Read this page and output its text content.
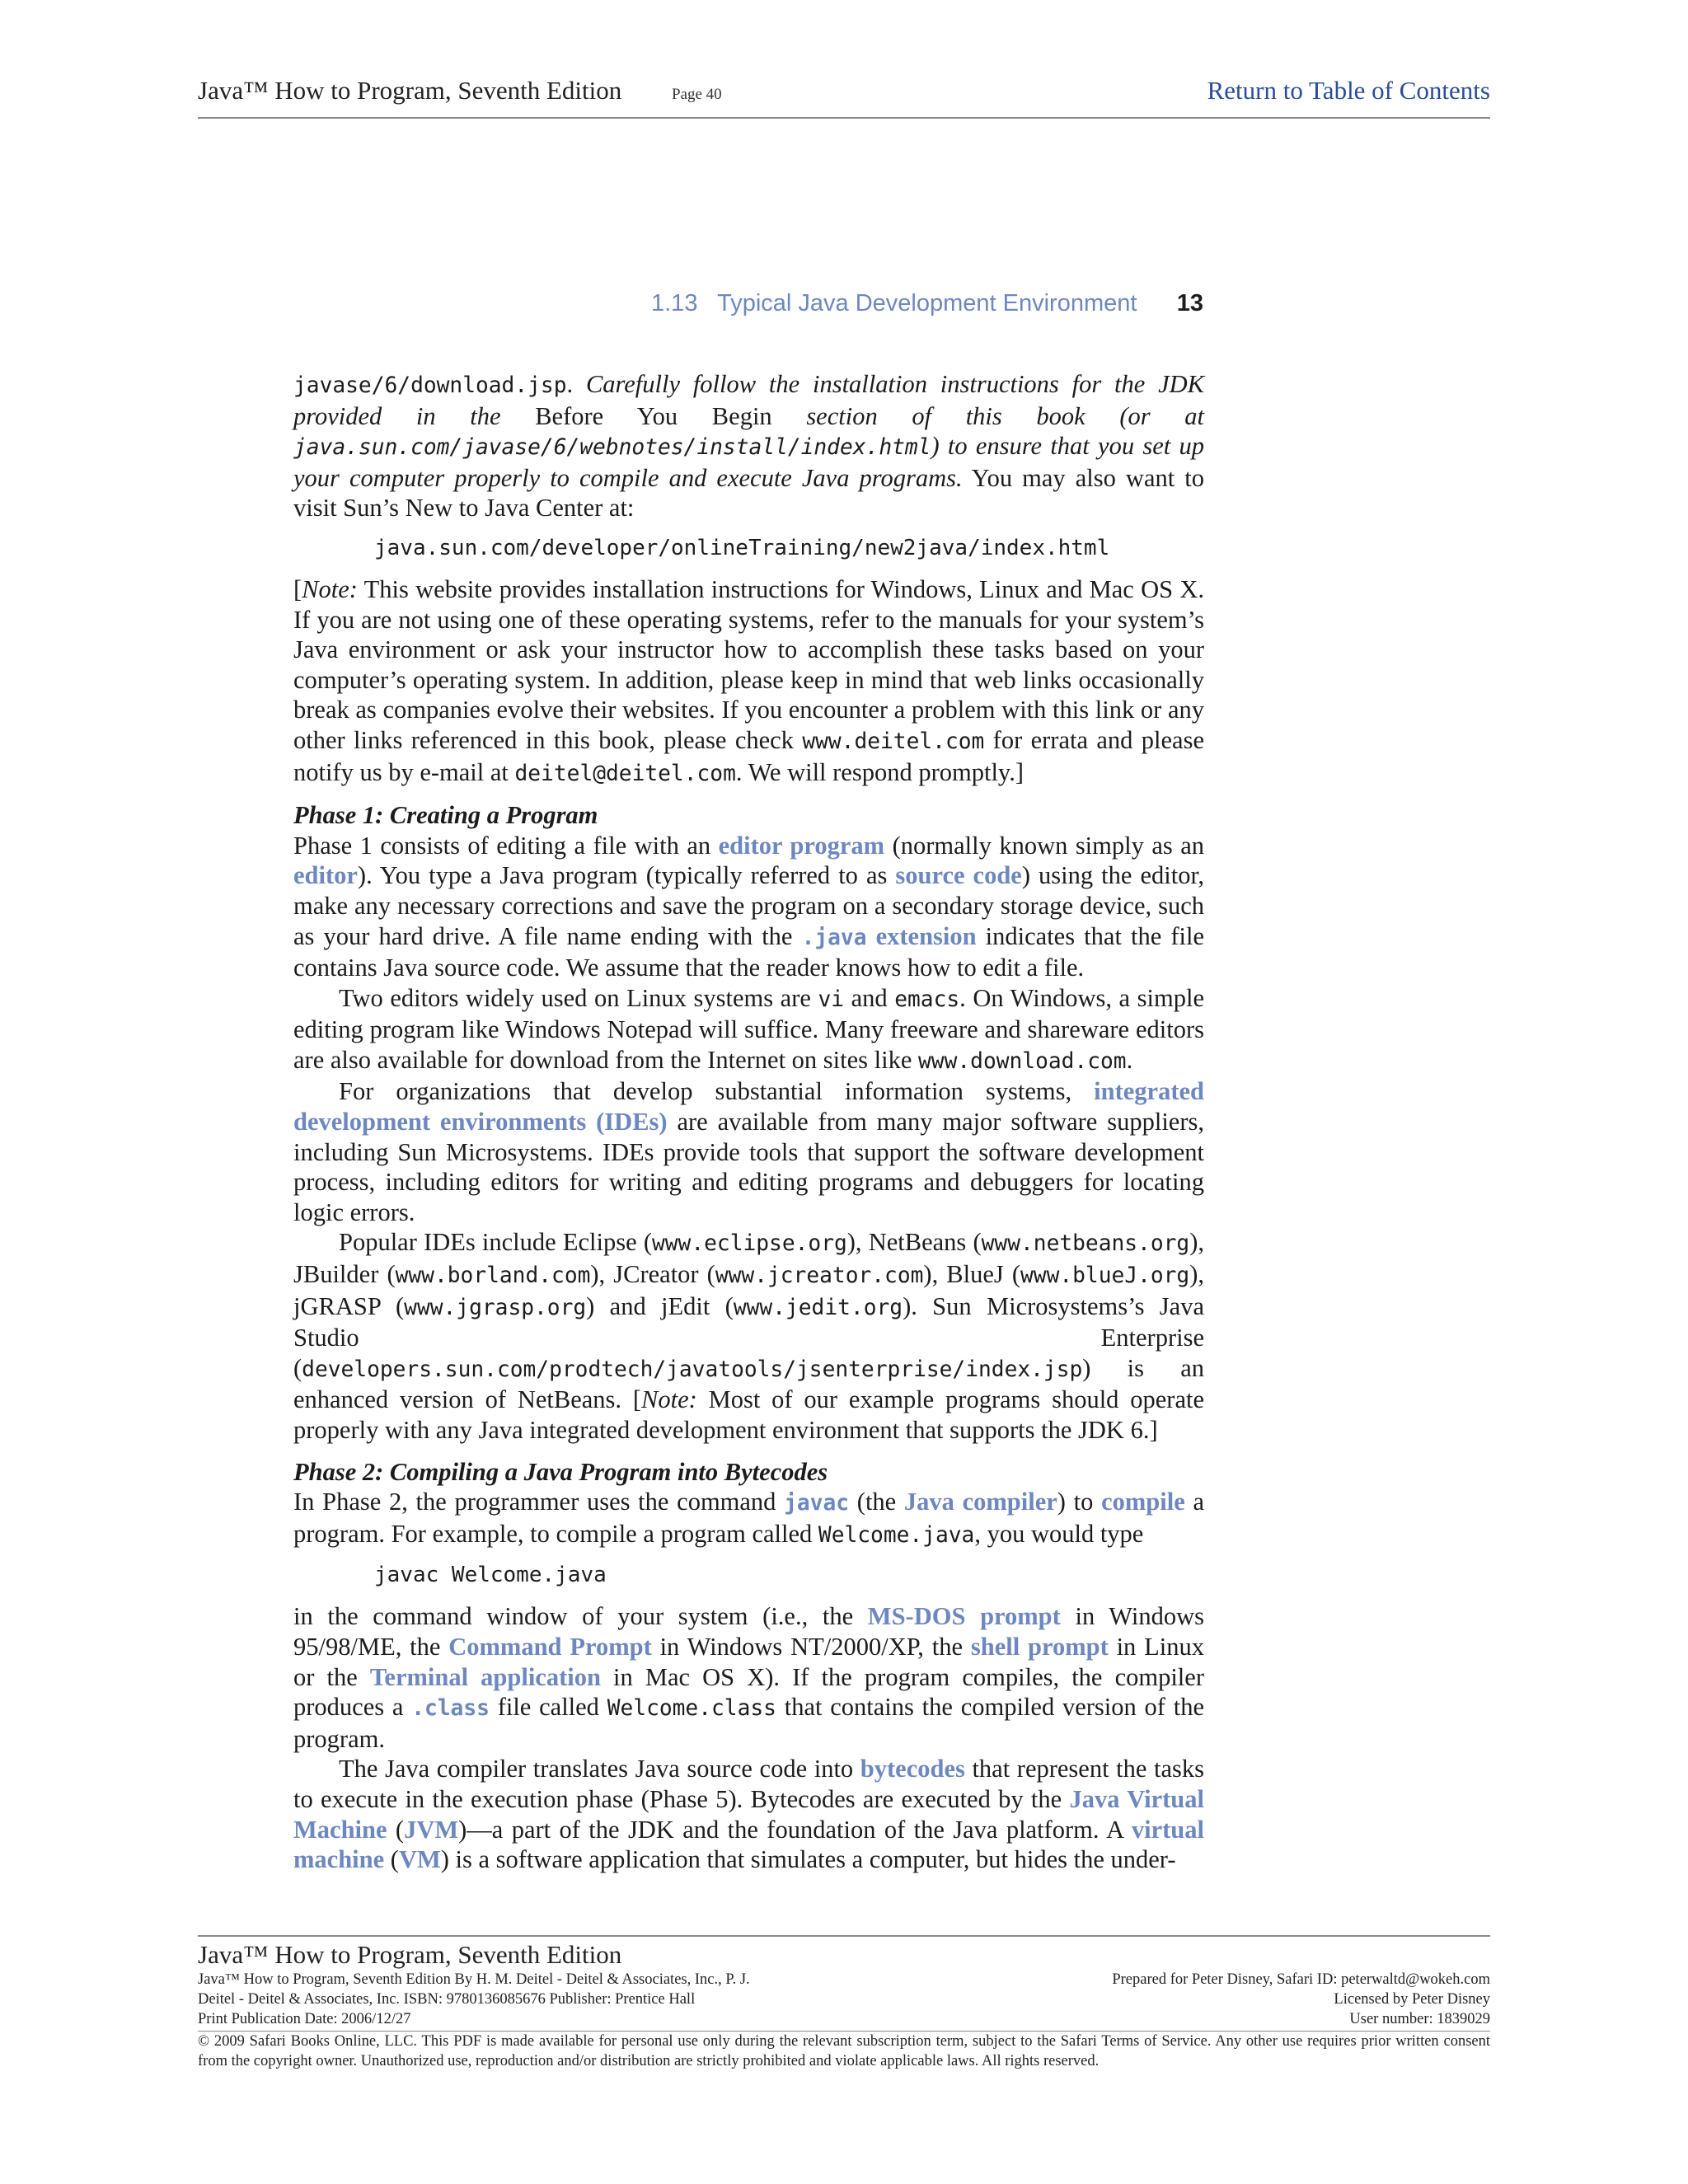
Java™ How to Program, Seventh Edition	Page 40	Return to Table of Contents
1.13   Typical Java Development Environment 13

javase/6/download.jsp. Carefully follow the installation instructions for the JDK provided in the Before You Begin section of this book (or at java.sun.com/javase/6/webnotes/install/index.html) to ensure that you set up your computer properly to compile and execute Java programs. You may also want to visit Sun’s New to Java Center at:

java.sun.com/developer/onlineTraining/new2java/index.html

[Note: This website provides installation instructions for Windows, Linux and Mac OS X. If you are not using one of these operating systems, refer to the manuals for your system’s Java environment or ask your instructor how to accomplish these tasks based on your computer’s operating system. In addition, please keep in mind that web links occasionally break as companies evolve their websites. If you encounter a problem with this link or any other links referenced in this book, please check www.deitel.com for errata and please notify us by e-mail at deitel@deitel.com. We will respond promptly.]

Phase 1: Creating a Program

Phase 1 consists of editing a file with an editor program (normally known simply as an editor). You type a Java program (typically referred to as source code) using the editor, make any necessary corrections and save the program on a secondary storage device, such as your hard drive. A file name ending with the .java extension indicates that the file contains Java source code. We assume that the reader knows how to edit a file.

Two editors widely used on Linux systems are vi and emacs. On Windows, a simple editing program like Windows Notepad will suffice. Many freeware and shareware editors are also available for download from the Internet on sites like www.download.com.

For organizations that develop substantial information systems, integrated development environments (IDEs) are available from many major software suppliers, including Sun Microsystems. IDEs provide tools that support the software development process, including editors for writing and editing programs and debuggers for locating logic errors.

Popular IDEs include Eclipse (www.eclipse.org), NetBeans (www.netbeans.org), JBuilder (www.borland.com), JCreator (www.jcreator.com), BlueJ (www.blueJ.org), jGRASP (www.jgrasp.org) and jEdit (www.jedit.org). Sun Microsystems’s Java Studio Enterprise (developers.sun.com/prodtech/javatools/jsenterprise/index.jsp) is an enhanced version of NetBeans. [Note: Most of our example programs should operate properly with any Java integrated development environment that supports the JDK 6.]

Phase 2: Compiling a Java Program into Bytecodes

In Phase 2, the programmer uses the command javac (the Java compiler) to compile a program. For example, to compile a program called Welcome.java, you would type

javac Welcome.java

in the command window of your system (i.e., the MS-DOS prompt in Windows 95/98/ME, the Command Prompt in Windows NT/2000/XP, the shell prompt in Linux or the Terminal application in Mac OS X). If the program compiles, the compiler produces a .class file called Welcome.class that contains the compiled version of the program.

The Java compiler translates Java source code into bytecodes that represent the tasks to execute in the execution phase (Phase 5). Bytecodes are executed by the Java Virtual Machine (JVM)—a part of the JDK and the foundation of the Java platform. A virtual machine (VM) is a software application that simulates a computer, but hides the under-

Java™ How to Program, Seventh Edition
Java™ How to Program, Seventh Edition By H. M. Deitel - Deitel & Associates, Inc., P. J.	Prepared for Peter Disney, Safari ID: peterwaltd@wokeh.com
Deitel - Deitel & Associates, Inc. ISBN: 9780136085676 Publisher: Prentice Hall	Licensed by Peter Disney
Print Publication Date: 2006/12/27	User number: 1839029
© 2009 Safari Books Online, LLC. This PDF is made available for personal use only during the relevant subscription term, subject to the Safari Terms of Service. Any other use requires prior written consent from the copyright owner. Unauthorized use, reproduction and/or distribution are strictly prohibited and violate applicable laws. All rights reserved.
